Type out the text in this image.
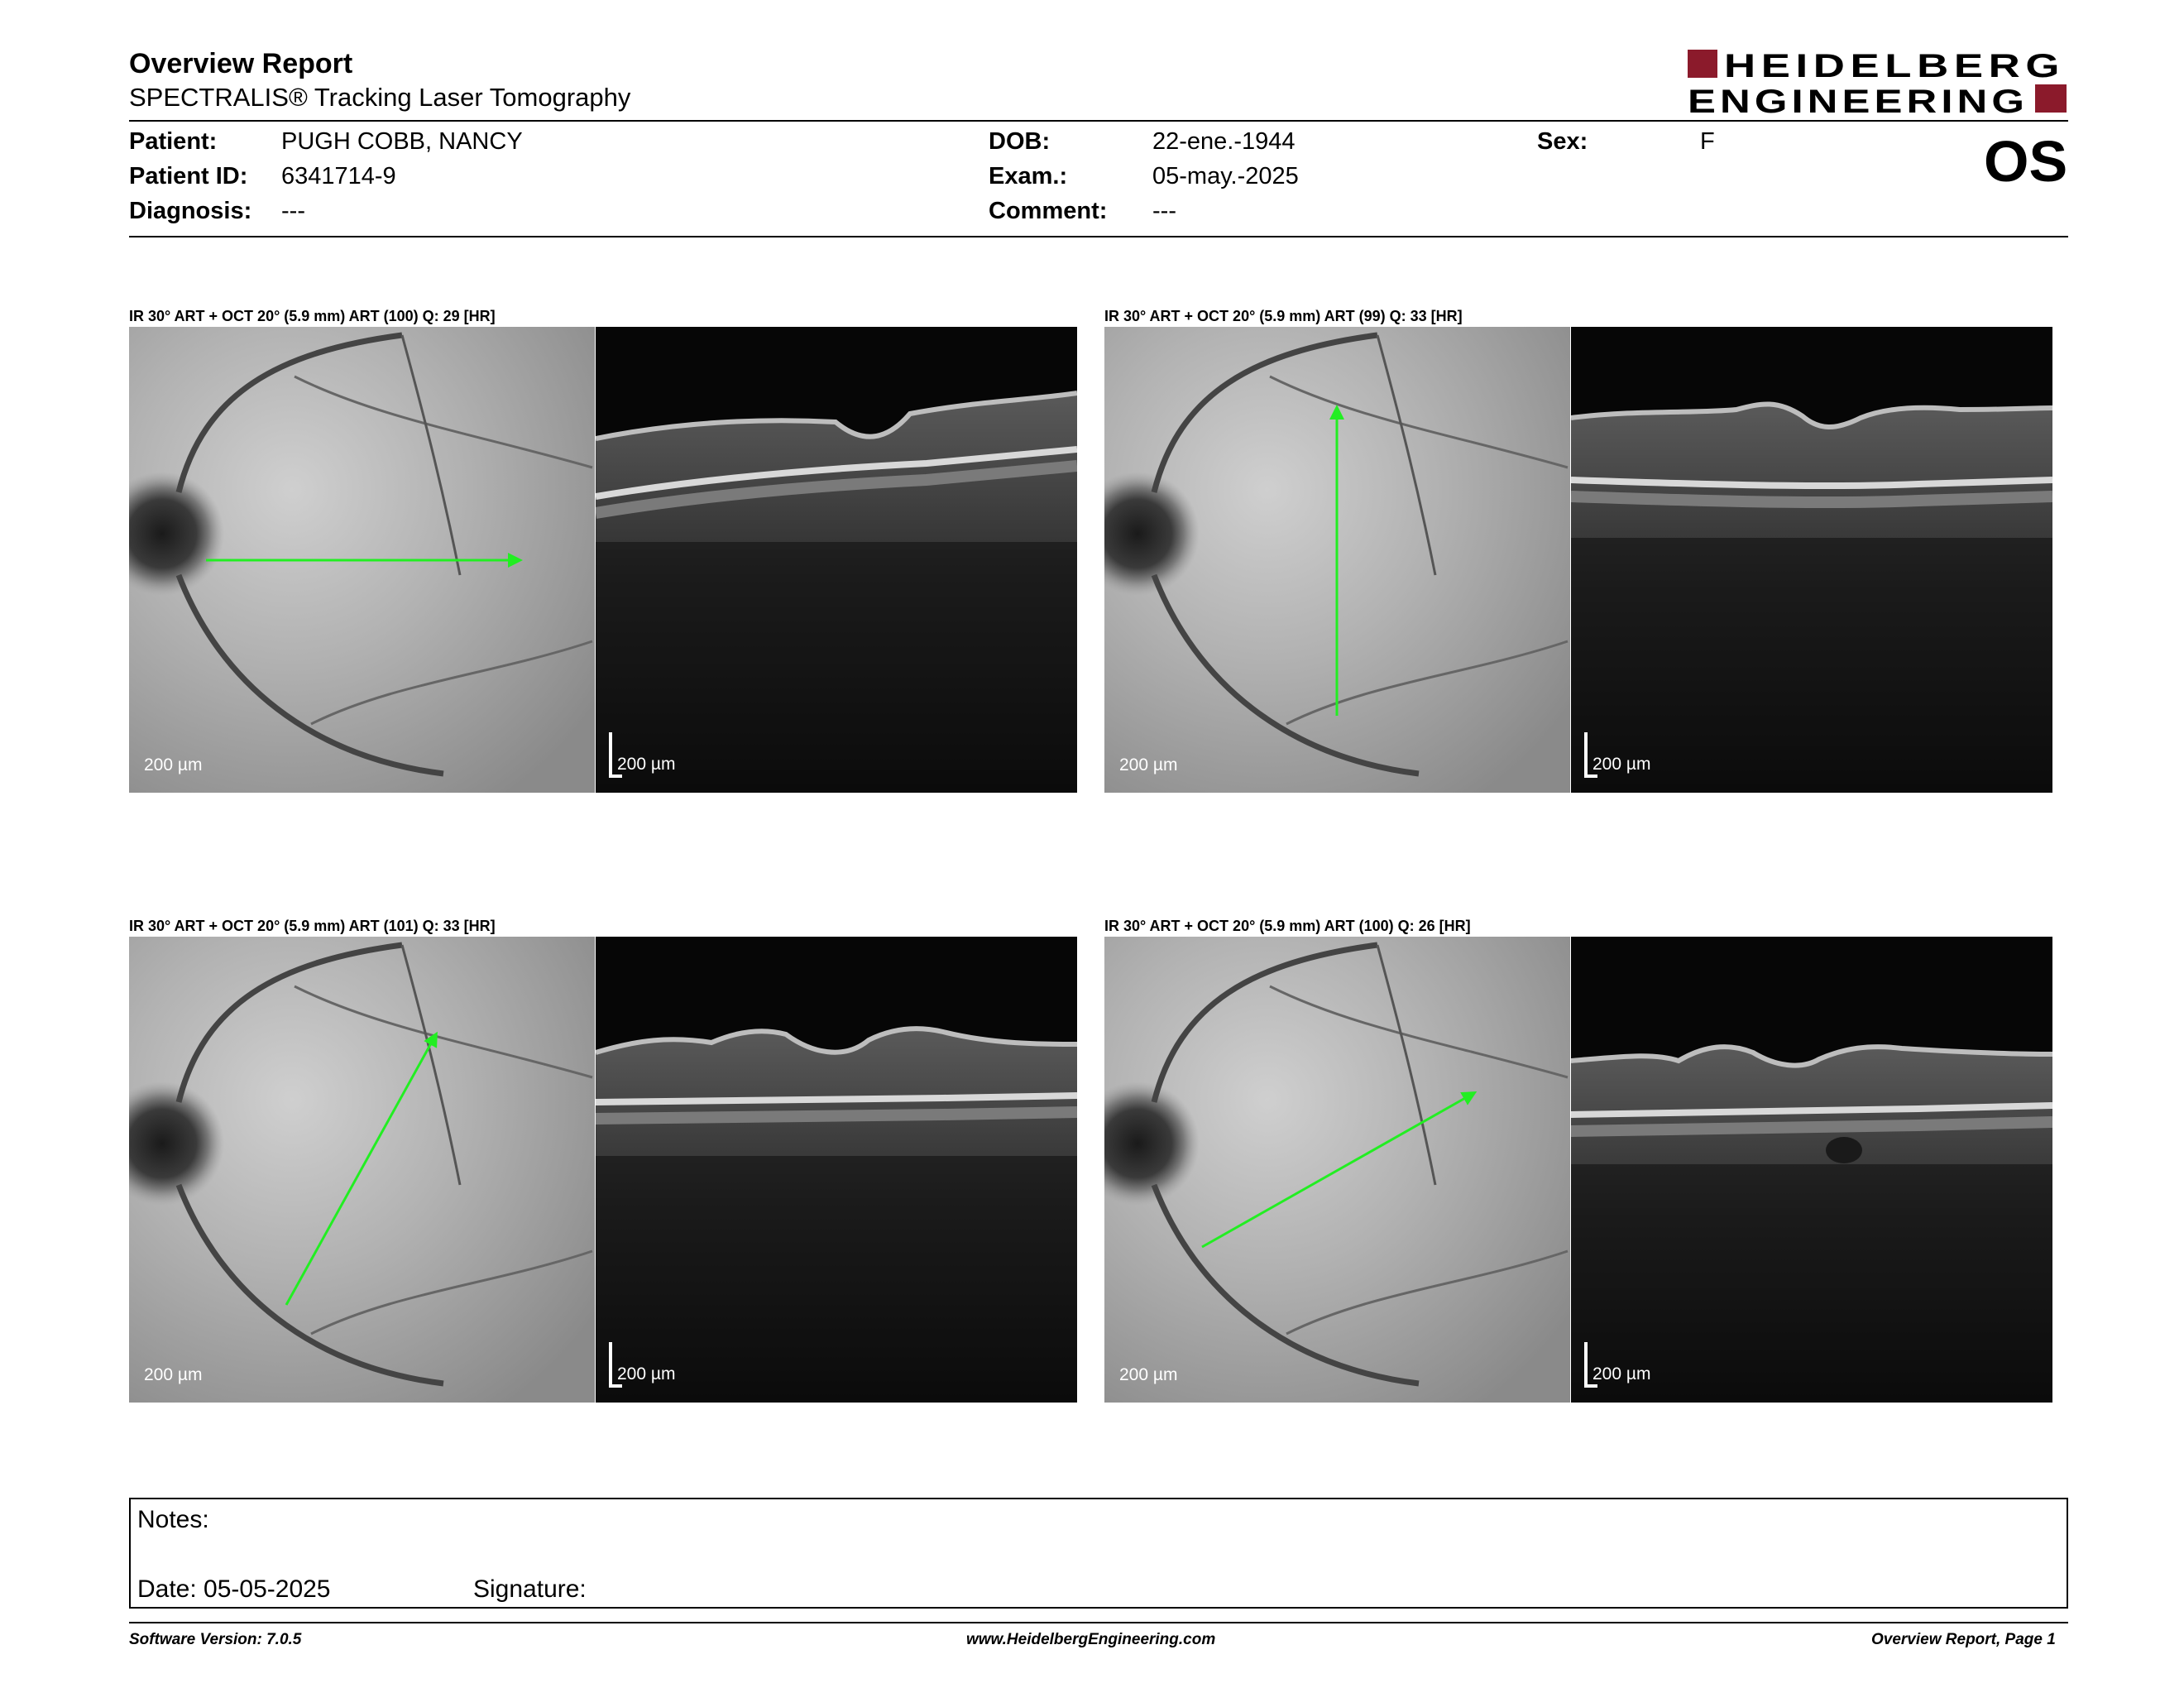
Overview Report
SPECTRALIS® Tracking Laser Tomography
HEIDELBERG
ENGINEERING
Patient:	PUGH COBB, NANCY
Patient ID: 6341714-9
Diagnosis: ---
DOB:	22-ene.-1944
Exam.:	05-may.-2025
Comment: ---
Sex:	F	OS
IR 30° ART + OCT 20° (5.9 mm) ART (100) Q: 29 [HR]	IR 30° ART + OCT 20° (5.9 mm) ART (99) Q: 33 [HR]
IR 30° ART + OCT 20° (5.9 mm) ART (101) Q: 33 [HR]	IR 30° ART + OCT 20° (5.9 mm) ART (100) Q: 26 [HR]
200 µm	200 µm	200 µm	200 µm
200 µm	200 µm	200 µm	200 µm
Notes:
Date: 05-05-2025	Signature:
Software Version: 7.0.5	www.HeidelbergEngineering.com	Overview Report, Page 1
